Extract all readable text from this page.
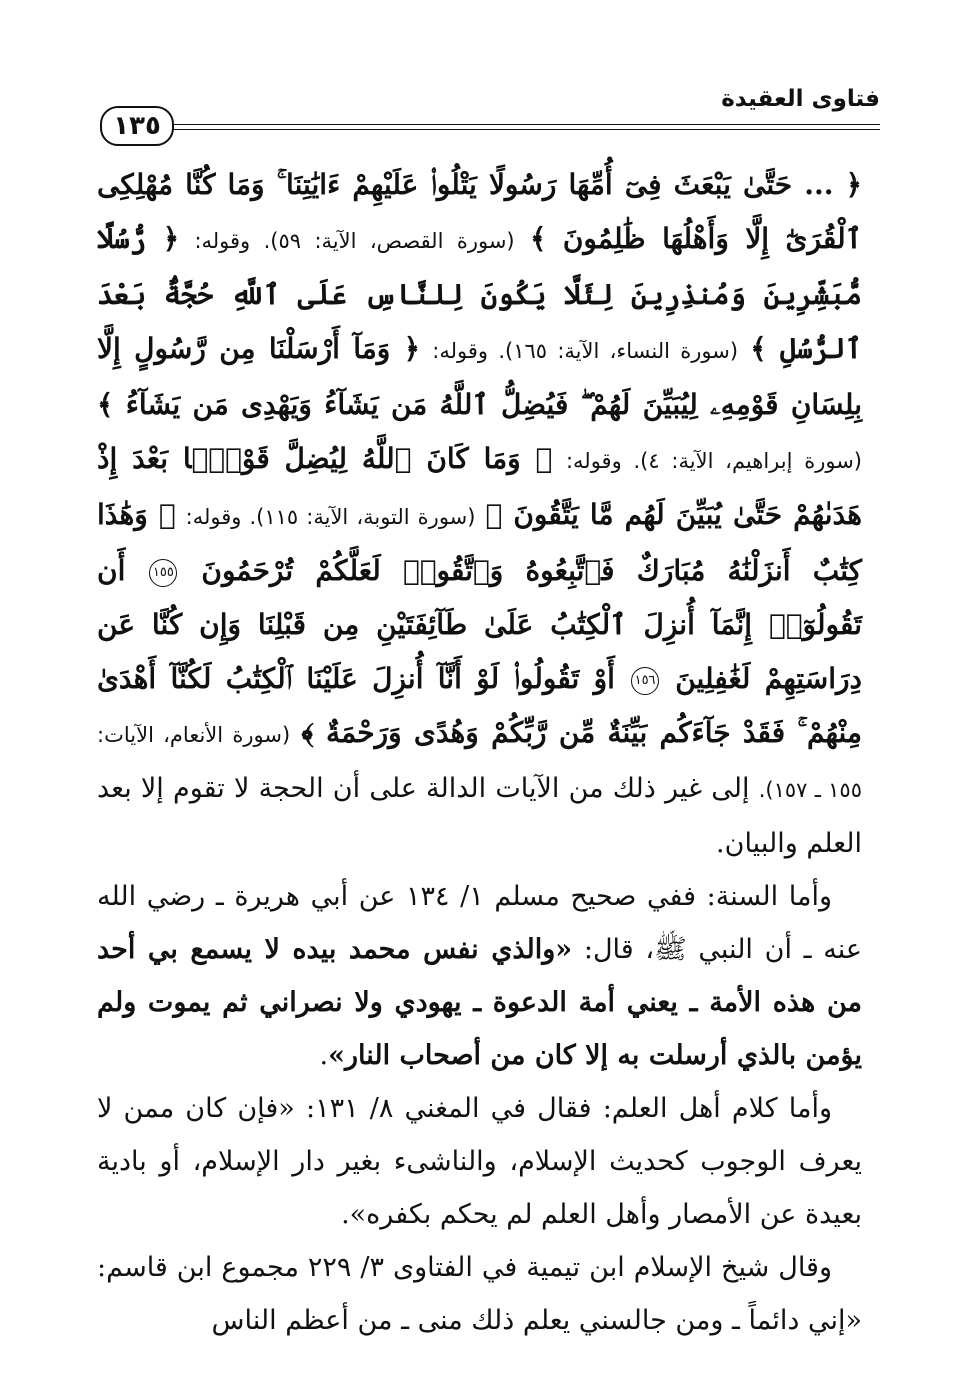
فتاوى العقيدة
١٣٥

﴿ ... حَتَّىٰ يَبْعَثَ فِىٓ أُمِّهَا رَسُولًا يَتْلُوا۟ عَلَيْهِمْ ءَايَٰتِنَا ۚ وَمَا كُنَّا مُهْلِكِى ٱلْقُرَىٰٓ إِلَّا وَأَهْلُهَا ظَٰلِمُونَ ﴾ (سورة القصص، الآية: ٥٩). وقوله: ﴿ رُّسُلًا مُّبَشِّرِينَ وَمُنذِرِينَ لِئَلَّا يَكُونَ لِلنَّاسِ عَلَى ٱللَّهِ حُجَّةٌۢ بَعْدَ ٱلرُّسُلِ ﴾ (سورة النساء، الآية: ١٦٥). وقوله: ﴿ وَمَآ أَرْسَلْنَا مِن رَّسُولٍ إِلَّا بِلِسَانِ قَوْمِهِۦ لِيُبَيِّنَ لَهُمْ ۖ فَيُضِلُّ ٱللَّهُ مَن يَشَآءُ وَيَهْدِى مَن يَشَآءُ ﴾ (سورة إبراهيم، الآية: ٤). وقوله: ﴿ وَمَا كَانَ ٱللَّهُ لِيُضِلَّ قَوْمًۢا بَعْدَ إِذْ هَدَىٰهُمْ حَتَّىٰ يُبَيِّنَ لَهُم مَّا يَتَّقُونَ ﴾ (سورة التوبة، الآية: ١١٥). وقوله: ﴿ وَهَٰذَا كِتَٰبٌ أَنزَلْنَٰهُ مُبَارَكٌ فَٱتَّبِعُوهُ وَٱتَّقُوا۟ لَعَلَّكُمْ تُرْحَمُونَ ١٥٥ أَن تَقُولُوٓا۟ إِنَّمَآ أُنزِلَ ٱلْكِتَٰبُ عَلَىٰ طَآئِفَتَيْنِ مِن قَبْلِنَا وَإِن كُنَّا عَن دِرَاسَتِهِمْ لَغَٰفِلِينَ ١٥٦ أَوْ تَقُولُوا۟ لَوْ أَنَّآ أُنزِلَ عَلَيْنَا ٱلْكِتَٰبُ لَكُنَّآ أَهْدَىٰ مِنْهُمْ ۚ فَقَدْ جَآءَكُم بَيِّنَةٌ مِّن رَّبِّكُمْ وَهُدًى وَرَحْمَةٌ ﴾ (سورة الأنعام، الآيات: ١٥٥ ـ ١٥٧). إلى غير ذلك من الآيات الدالة على أن الحجة لا تقوم إلا بعد العلم والبيان.

وأما السنة: ففي صحيح مسلم ١/ ١٣٤ عن أبي هريرة ـ رضي الله عنه ـ أن النبي ﷺ، قال: «والذي نفس محمد بيده لا يسمع بي أحد من هذه الأمة ـ يعني أمة الدعوة ـ يهودي ولا نصراني ثم يموت ولم يؤمن بالذي أرسلت به إلا كان من أصحاب النار».

وأما كلام أهل العلم: فقال في المغني ٨/ ١٣١: «فإن كان ممن لا يعرف الوجوب كحديث الإسلام، والناشىء بغير دار الإسلام، أو بادية بعيدة عن الأمصار وأهل العلم لم يحكم بكفره».

وقال شيخ الإسلام ابن تيمية في الفتاوى ٣/ ٢٢٩ مجموع ابن قاسم: «إني دائماً ـ ومن جالسني يعلم ذلك منى ـ من أعظم الناس
